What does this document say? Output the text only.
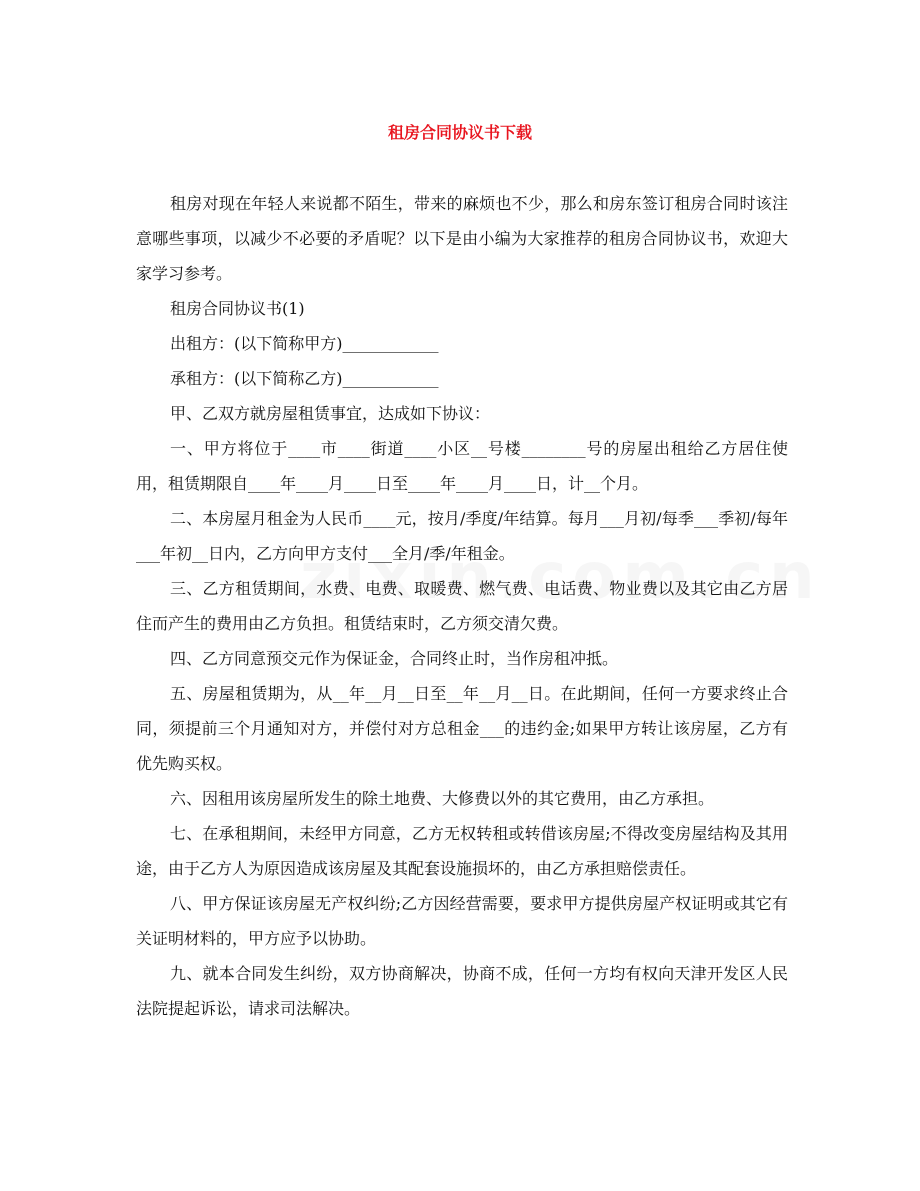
租房合同协议书下载

租房对现在年轻人来说都不陌生，带来的麻烦也不少，那么和房东签订租房合同时该注意哪些事项，以减少不必要的矛盾呢？以下是由小编为大家推荐的租房合同协议书，欢迎大家学习参考。

租房合同协议书(1)

出租方：(以下简称甲方)____________

承租方：(以下简称乙方)____________

甲、乙双方就房屋租赁事宜，达成如下协议：

一、甲方将位于____市____街道____小区__号楼________号的房屋出租给乙方居住使用，租赁期限自____年____月____日至____年____月____日，计__个月。

二、本房屋月租金为人民币____元，按月/季度/年结算。每月___月初/每季___季初/每年___年初__日内，乙方向甲方支付___全月/季/年租金。

三、乙方租赁期间，水费、电费、取暖费、燃气费、电话费、物业费以及其它由乙方居住而产生的费用由乙方负担。租赁结束时，乙方须交清欠费。

四、乙方同意预交元作为保证金，合同终止时，当作房租冲抵。

五、房屋租赁期为，从__年__月__日至__年__月__日。在此期间，任何一方要求终止合同，须提前三个月通知对方，并偿付对方总租金___的违约金;如果甲方转让该房屋，乙方有优先购买权。

六、因租用该房屋所发生的除土地费、大修费以外的其它费用，由乙方承担。

七、在承租期间，未经甲方同意，乙方无权转租或转借该房屋;不得改变房屋结构及其用途，由于乙方人为原因造成该房屋及其配套设施损坏的，由乙方承担赔偿责任。

八、甲方保证该房屋无产权纠纷;乙方因经营需要，要求甲方提供房屋产权证明或其它有关证明材料的，甲方应予以协助。

九、就本合同发生纠纷，双方协商解决，协商不成，任何一方均有权向天津开发区人民法院提起诉讼，请求司法解决。
